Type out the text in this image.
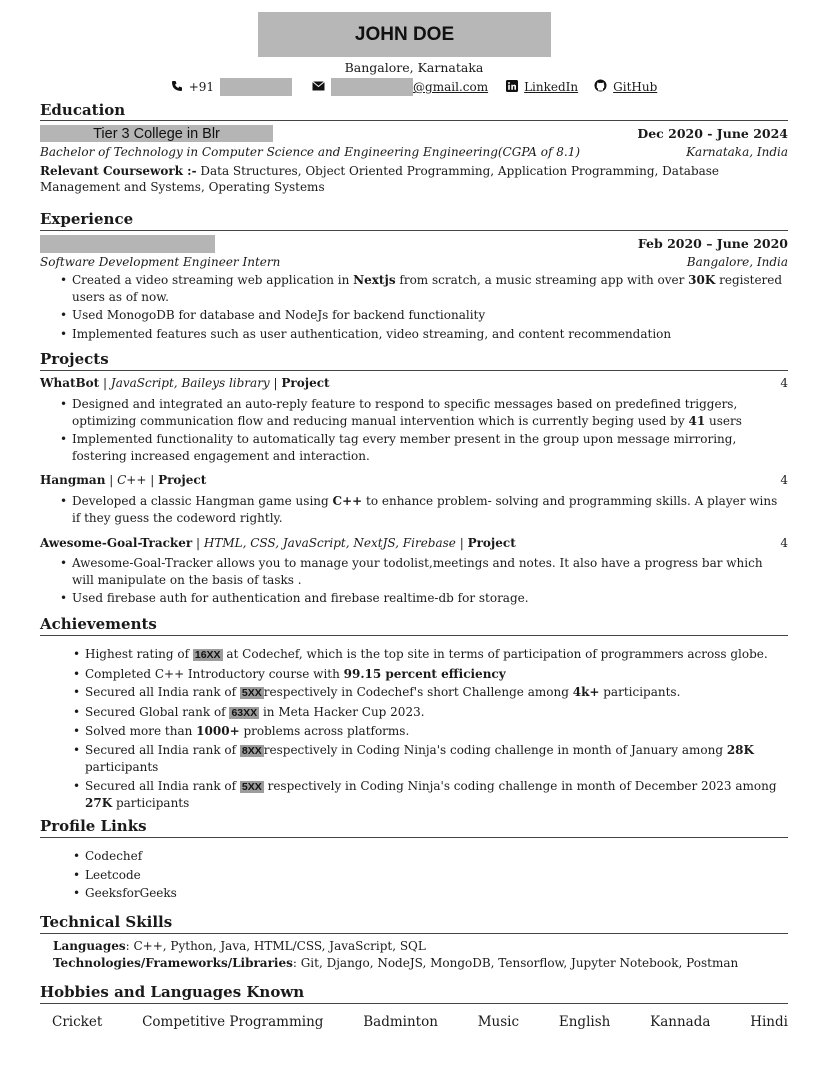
JOHN DOE
Bangalore, Karnataka
+91	@gmail.com	LinkedIn	GitHub
Education
Tier 3 College in Blr	Dec 2020 - June 2024
Bachelor of Technology in Computer Science and Engineering Engineering(CGPA of 8.1)	Karnataka, India
Relevant Coursework :- Data Structures, Object Oriented Programming, Application Programming, Database Management and Systems, Operating Systems
Experience
Feb 2020 – June 2020
Software Development Engineer Intern	Bangalore, India
• Created a video streaming web application in Nextjs from scratch, a music streaming app with over 30K registered users as of now.
• Used MonogoDB for database and NodeJs for backend functionality
• Implemented features such as user authentication, video streaming, and content recommendation
Projects
WhatBot | JavaScript, Baileys library | Project	4
• Designed and integrated an auto-reply feature to respond to specific messages based on predefined triggers, optimizing communication flow and reducing manual intervention which is currently beging used by 41 users
• Implemented functionality to automatically tag every member present in the group upon message mirroring, fostering increased engagement and interaction.
Hangman | C++ | Project	4
• Developed a classic Hangman game using C++ to enhance problem- solving and programming skills. A player wins if they guess the codeword rightly.
Awesome-Goal-Tracker | HTML, CSS, JavaScript, NextJS, Firebase | Project	4
• Awesome-Goal-Tracker allows you to manage your todolist,meetings and notes. It also have a progress bar which will manipulate on the basis of tasks .
• Used firebase auth for authentication and firebase realtime-db for storage.
Achievements
• Highest rating of 16XX at Codechef, which is the top site in terms of participation of programmers across globe.
• Completed C++ Introductory course with 99.15 percent efficiency
• Secured all India rank of 5XX respectively in Codechef's short Challenge among 4k+ participants.
• Secured Global rank of 63XX in Meta Hacker Cup 2023.
• Solved more than 1000+ problems across platforms.
• Secured all India rank of 8XX respectively in Coding Ninja's coding challenge in month of January among 28K participants
• Secured all India rank of 5XX respectively in Coding Ninja's coding challenge in month of December 2023 among 27K participants
Profile Links
• Codechef
• Leetcode
• GeeksforGeeks
Technical Skills
Languages: C++, Python, Java, HTML/CSS, JavaScript, SQL
Technologies/Frameworks/Libraries: Git, Django, NodeJS, MongoDB, Tensorflow, Jupyter Notebook, Postman
Hobbies and Languages Known
Cricket	Competitive Programming	Badminton	Music	English	Kannada	Hindi
